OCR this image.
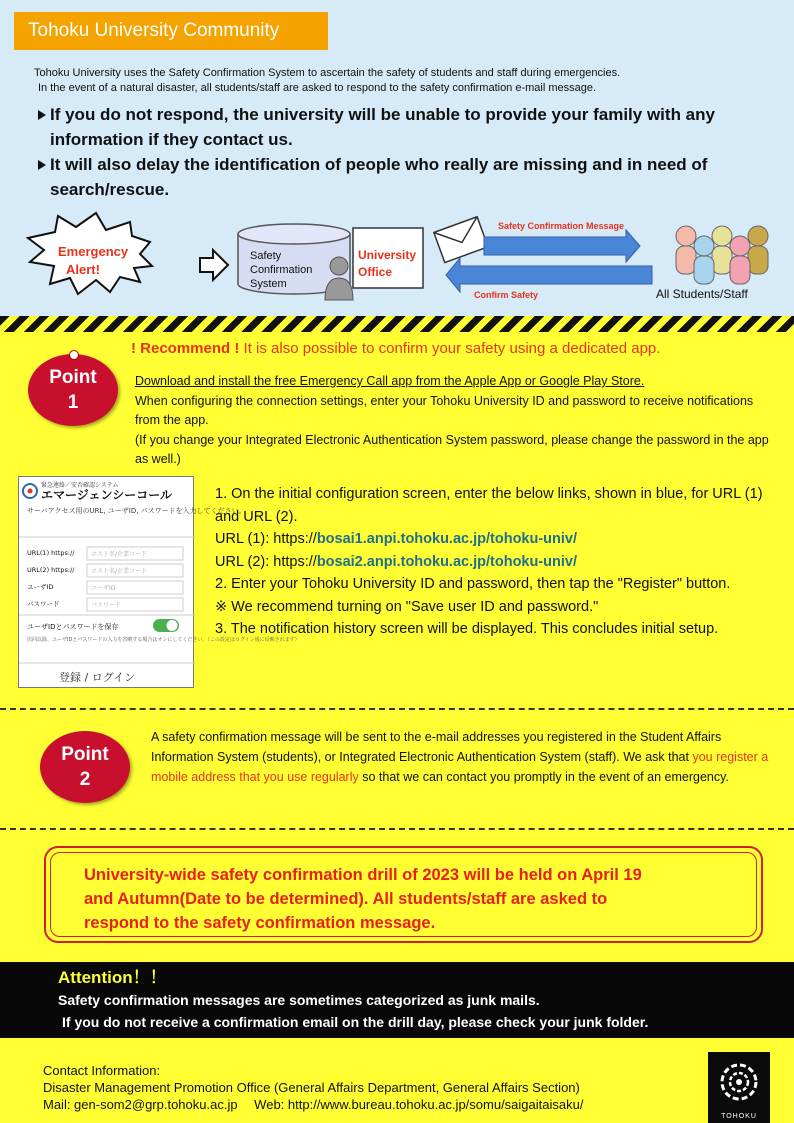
Tohoku University Community

Tohoku University uses the Safety Confirmation System to ascertain the safety of students and staff during emergencies.

In the event of a natural disaster, all students/staff are asked to respond to the safety confirmation e-mail message.

If you do not respond, the university will be unable to provide your family with any information if they contact us.
It will also delay the identification of people who really are missing and in need of search/rescue.
Emergency
Alert!
Safety
Confirmation
System
University
Office
Safety Confirmation Message
Confirm Safety	All Students/Staff
Point
1
! Recommend ! It is also possible to confirm your safety using a dedicated app.

Download and install the free Emergency Call app from the Apple App or Google Play Store.

When configuring the connection settings, enter your Tohoku University ID and password to receive notifications from the app.

(If you change your Integrated Electronic Authentication System password, please change the password in the app as well.)

緊急連絡／安否確認システム
エマージェンシーコール
サーバアクセス用のURL, ユーザID, パスワードを入力してください。
URL(1) https://	ホスト名/企業コード
URL(2) https://	ホスト名/企業コード
ユーザID	ユーザID
パスワード	パスワード
ユーザIDとパスワードを保存
次回以降、ユーザIDとパスワードの入力を省略する場合はオンにしてください。（この設定はログイン後に反映されます）
登録 / ログイン

1. On the initial configuration screen, enter the below links, shown in blue, for URL (1) and URL (2).

URL (1): https://bosai1.anpi.tohoku.ac.jp/tohoku-univ/

URL (2): https://bosai2.anpi.tohoku.ac.jp/tohoku-univ/

2. Enter your Tohoku University ID and password, then tap the "Register" button.

※ We recommend turning on "Save user ID and password."

3. The notification history screen will be displayed. This concludes initial setup.

Point
2
A safety confirmation message will be sent to the e-mail addresses you registered in the Student Affairs Information System (students), or Integrated Electronic Authentication System (staff). We ask that you register a mobile address that you use regularly so that we can contact you promptly in the event of an emergency.

University-wide safety confirmation drill of 2023 will be held on April 19

and Autumn(Date to be determined). All students/staff are asked to

respond to the safety confirmation message.

Attention！！
Safety confirmation messages are sometimes categorized as junk mails.
If you do not receive a confirmation email on the drill day, please check your junk folder.

Contact Information:

Disaster Management Promotion Office (General Affairs Department, General Affairs Section)

Mail: gen-som2@grp.tohoku.ac.jp　 Web: http://www.bureau.tohoku.ac.jp/somu/saigaitaisaku/

TOHOKU
